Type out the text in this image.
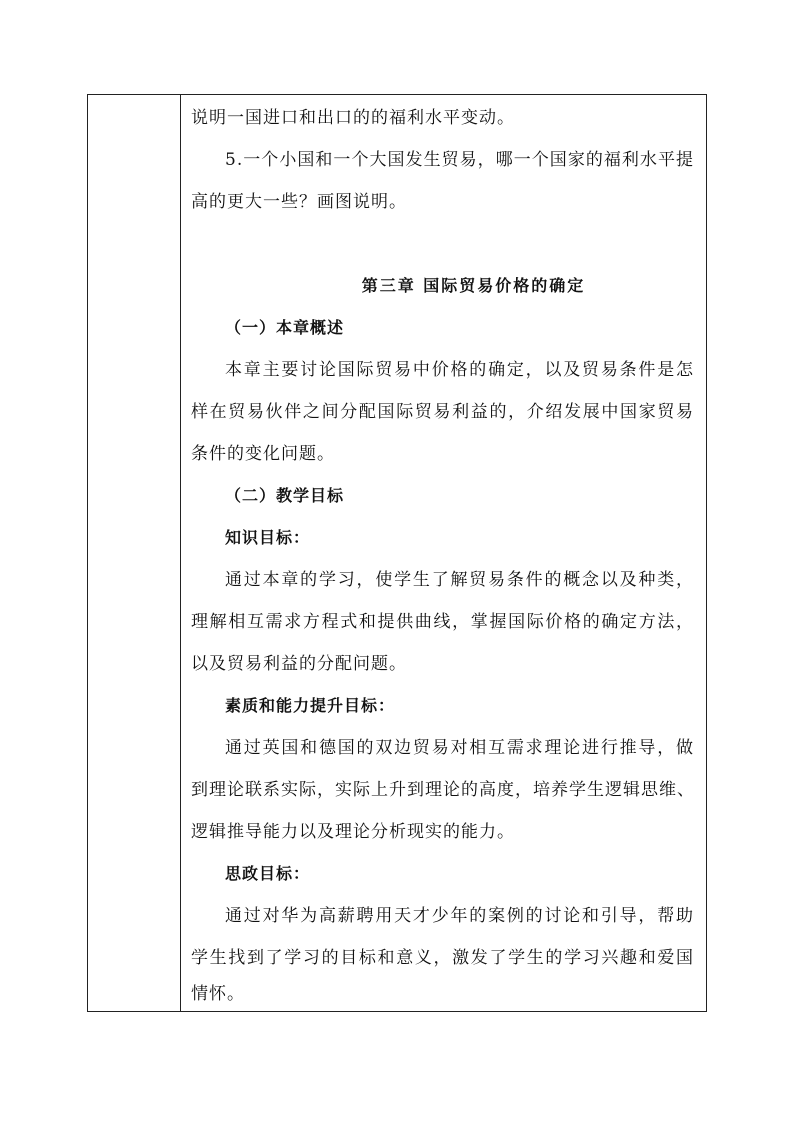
说明一国进口和出口的的福利水平变动。
5.一个小国和一个大国发生贸易，哪一个国家的福利水平提
高的更大一些？画图说明。
第三章 国际贸易价格的确定
（一）本章概述
本章主要讨论国际贸易中价格的确定，以及贸易条件是怎
样在贸易伙伴之间分配国际贸易利益的，介绍发展中国家贸易
条件的变化问题。
（二）教学目标
知识目标：
通过本章的学习，使学生了解贸易条件的概念以及种类，
理解相互需求方程式和提供曲线，掌握国际价格的确定方法，
以及贸易利益的分配问题。
素质和能力提升目标：
通过英国和德国的双边贸易对相互需求理论进行推导，做
到理论联系实际，实际上升到理论的高度，培养学生逻辑思维、
逻辑推导能力以及理论分析现实的能力。
思政目标：
通过对华为高薪聘用天才少年的案例的讨论和引导，帮助
学生找到了学习的目标和意义，激发了学生的学习兴趣和爱国
情怀。
